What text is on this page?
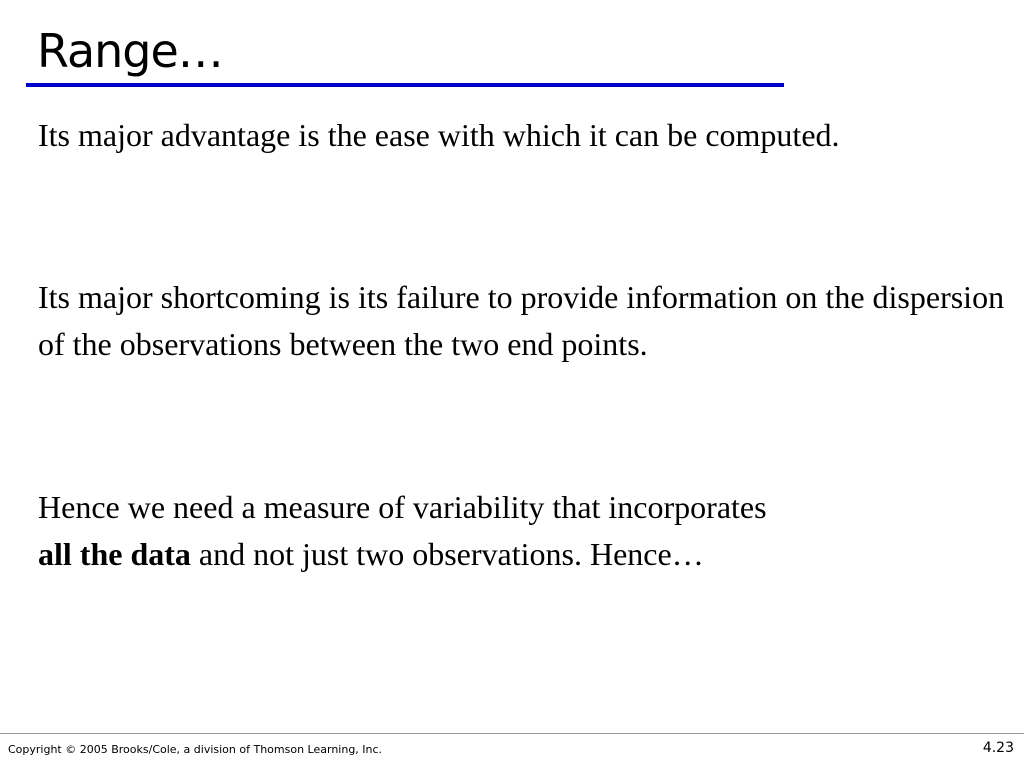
Range…

Its major advantage is the ease with which it can be computed.

Its major shortcoming is its failure to provide information on the dispersion of the observations between the two end points.

Hence we need a measure of variability that incorporates
all the data and not just two observations. Hence…

Copyright © 2005 Brooks/Cole, a division of Thomson Learning, Inc.	4.23
